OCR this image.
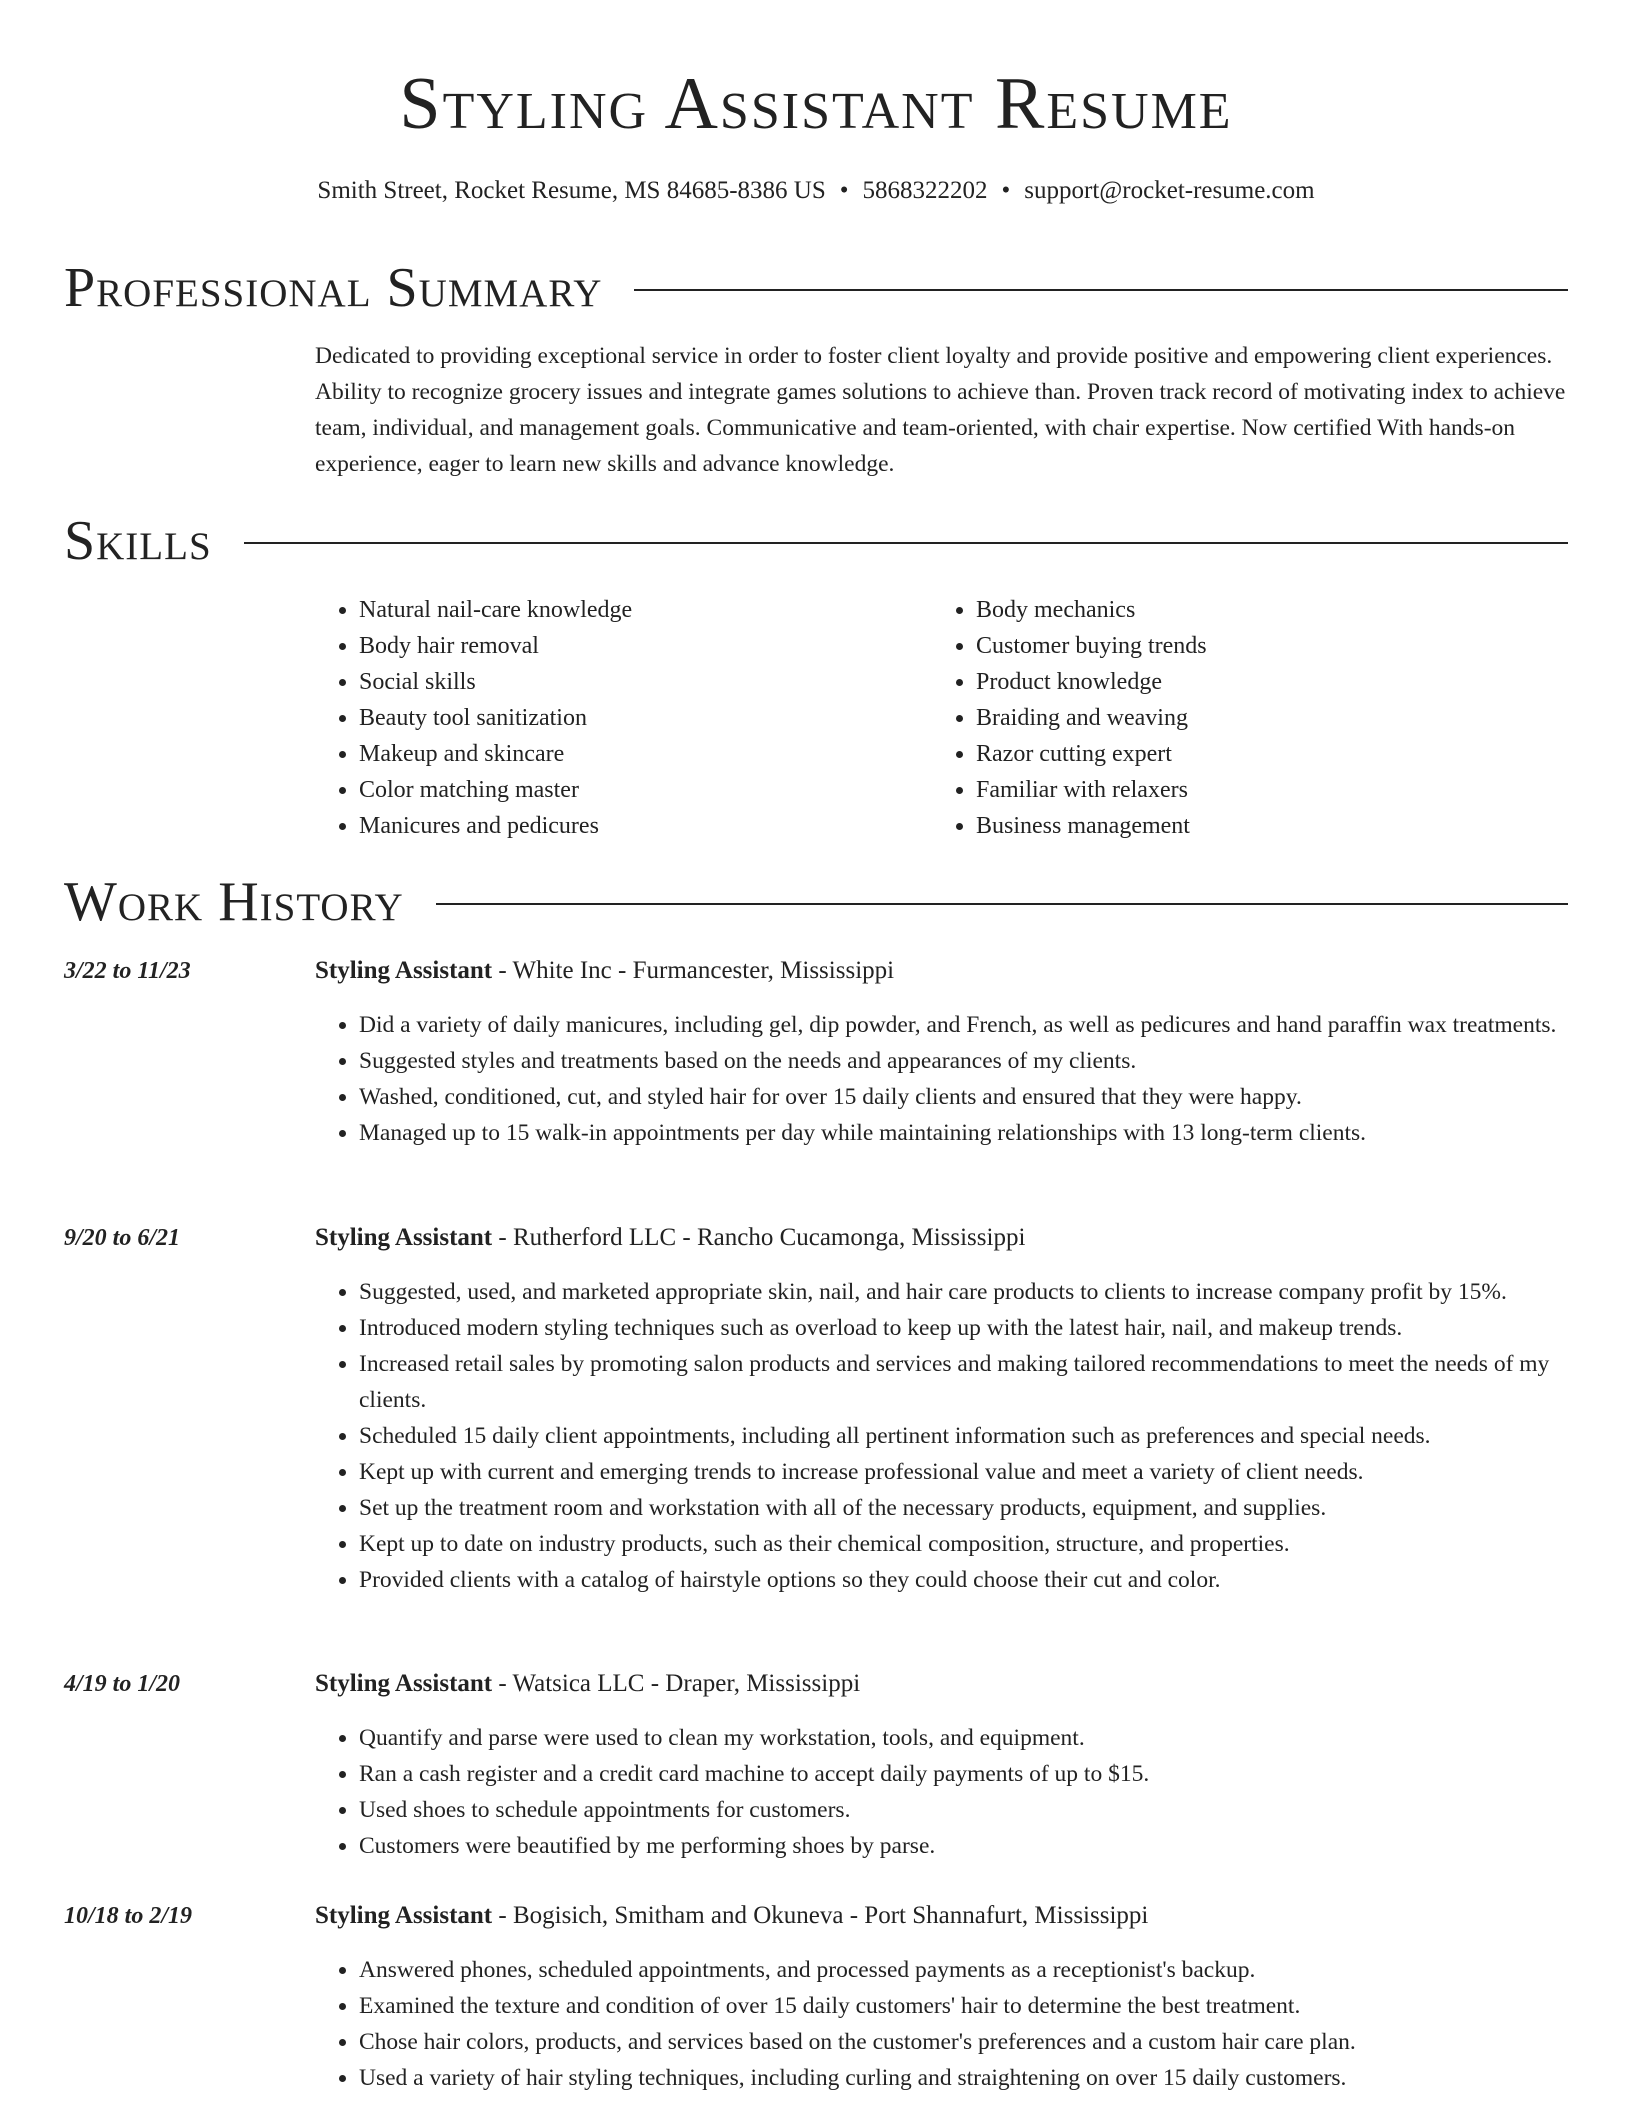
Styling Assistant Resume
Smith Street, Rocket Resume, MS 84685-8386 US • 5868322202 • support@rocket-resume.com
Professional Summary
Dedicated to providing exceptional service in order to foster client loyalty and provide positive and empowering client experiences. Ability to recognize grocery issues and integrate games solutions to achieve than. Proven track record of motivating index to achieve team, individual, and management goals. Communicative and team-oriented, with chair expertise. Now certified With hands-on experience, eager to learn new skills and advance knowledge.
Skills
• Natural nail-care knowledge
• Body hair removal
• Social skills
• Beauty tool sanitization
• Makeup and skincare
• Color matching master
• Manicures and pedicures
• Body mechanics
• Customer buying trends
• Product knowledge
• Braiding and weaving
• Razor cutting expert
• Familiar with relaxers
• Business management
Work History
3/22 to 11/23	Styling Assistant - White Inc - Furmancester, Mississippi
• Did a variety of daily manicures, including gel, dip powder, and French, as well as pedicures and hand paraffin wax treatments.
• Suggested styles and treatments based on the needs and appearances of my clients.
• Washed, conditioned, cut, and styled hair for over 15 daily clients and ensured that they were happy.
• Managed up to 15 walk-in appointments per day while maintaining relationships with 13 long-term clients.
9/20 to 6/21	Styling Assistant - Rutherford LLC - Rancho Cucamonga, Mississippi
• Suggested, used, and marketed appropriate skin, nail, and hair care products to clients to increase company profit by 15%.
• Introduced modern styling techniques such as overload to keep up with the latest hair, nail, and makeup trends.
• Increased retail sales by promoting salon products and services and making tailored recommendations to meet the needs of my clients.
• Scheduled 15 daily client appointments, including all pertinent information such as preferences and special needs.
• Kept up with current and emerging trends to increase professional value and meet a variety of client needs.
• Set up the treatment room and workstation with all of the necessary products, equipment, and supplies.
• Kept up to date on industry products, such as their chemical composition, structure, and properties.
• Provided clients with a catalog of hairstyle options so they could choose their cut and color.
4/19 to 1/20	Styling Assistant - Watsica LLC - Draper, Mississippi
• Quantify and parse were used to clean my workstation, tools, and equipment.
• Ran a cash register and a credit card machine to accept daily payments of up to $15.
• Used shoes to schedule appointments for customers.
• Customers were beautified by me performing shoes by parse.
10/18 to 2/19	Styling Assistant - Bogisich, Smitham and Okuneva - Port Shannafurt, Mississippi
• Answered phones, scheduled appointments, and processed payments as a receptionist's backup.
• Examined the texture and condition of over 15 daily customers' hair to determine the best treatment.
• Chose hair colors, products, and services based on the customer's preferences and a custom hair care plan.
• Used a variety of hair styling techniques, including curling and straightening on over 15 daily customers.
